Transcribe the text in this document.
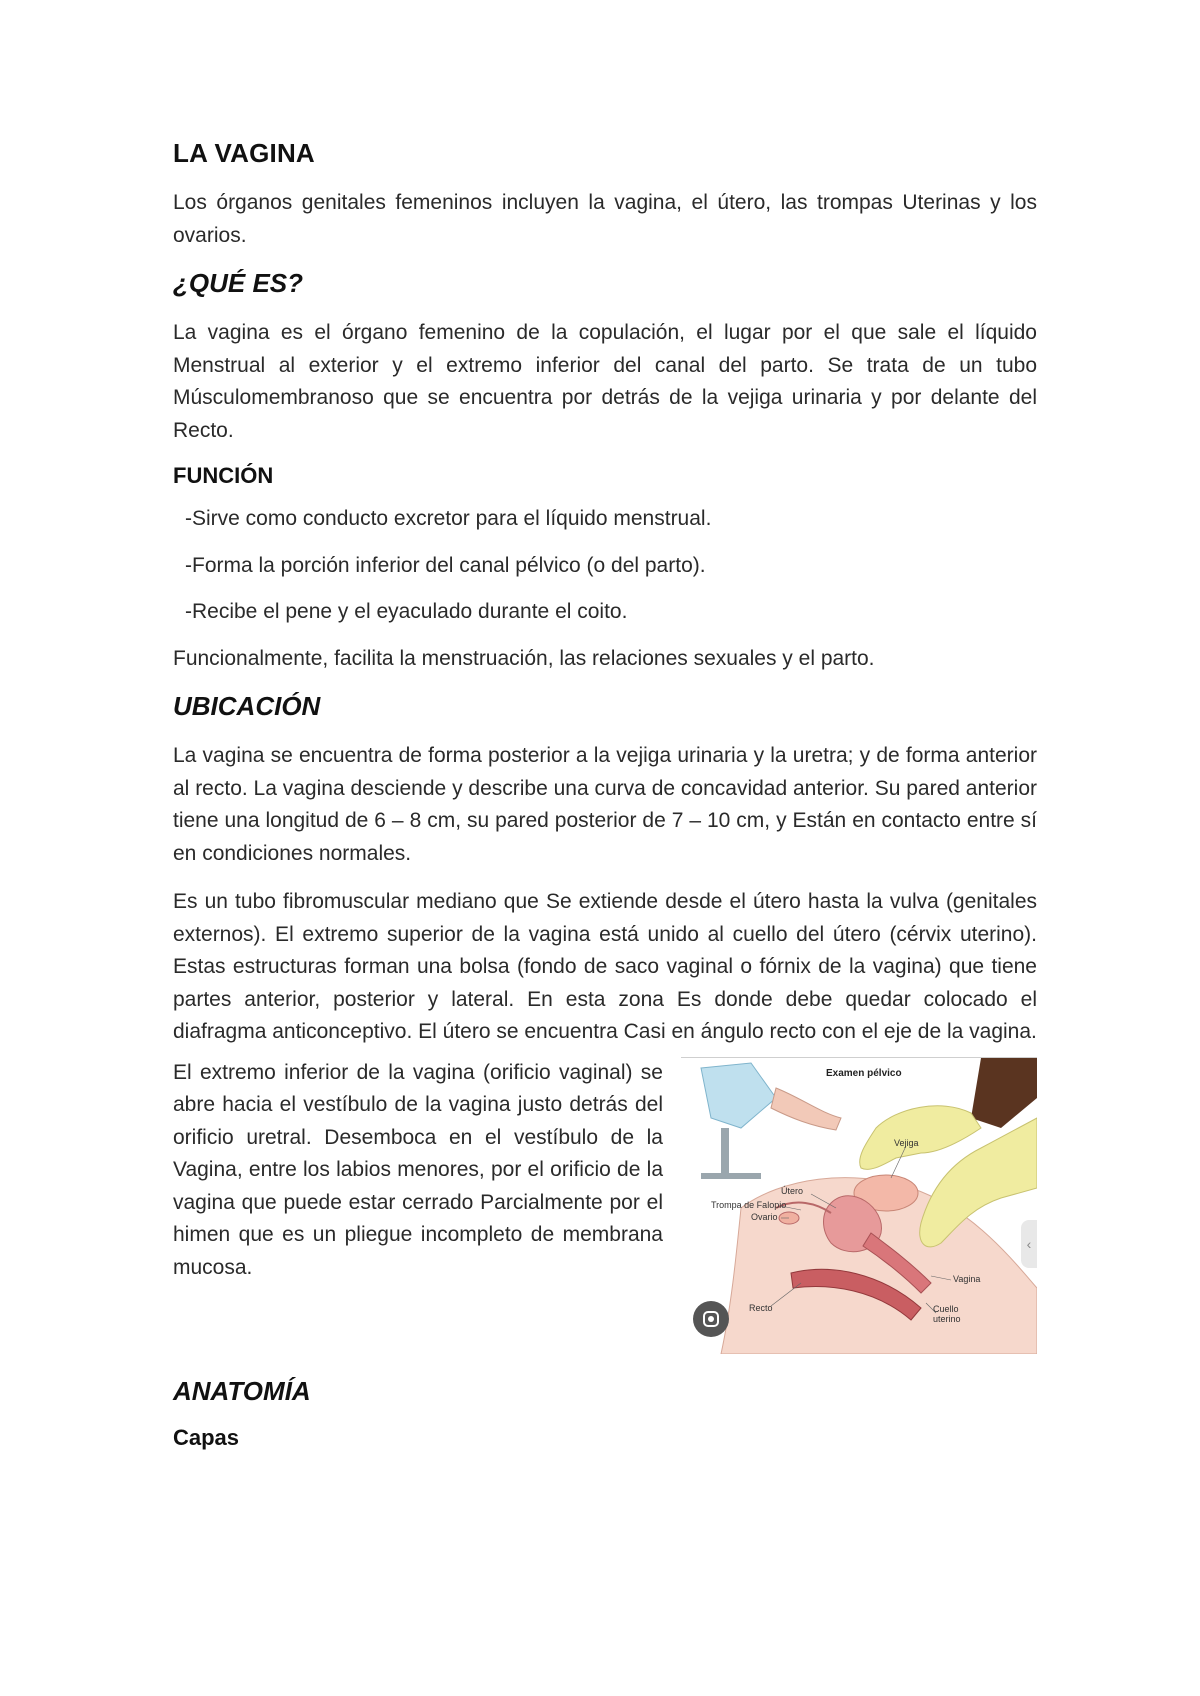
LA VAGINA

Los órganos genitales femeninos incluyen la vagina, el útero, las trompas Uterinas y los ovarios.

¿QUÉ ES?

La vagina es el órgano femenino de la copulación, el lugar por el que sale el líquido Menstrual al exterior y el extremo inferior del canal del parto. Se trata de un tubo Músculomembranoso que se encuentra por detrás de la vejiga urinaria y por delante del Recto.

FUNCIÓN

-Sirve como conducto excretor para el líquido menstrual.

-Forma la porción inferior del canal pélvico (o del parto).

-Recibe el pene y el eyaculado durante el coito.

Funcionalmente, facilita la menstruación, las relaciones sexuales y el parto.

UBICACIÓN

La vagina se encuentra de forma posterior a la vejiga urinaria y la uretra; y de forma anterior al recto. La vagina desciende y describe una curva de concavidad anterior. Su pared anterior tiene una longitud de 6 – 8 cm, su pared posterior de 7 – 10 cm, y Están en contacto entre sí en condiciones normales.

Es un tubo fibromuscular mediano que Se extiende desde el útero hasta la vulva (genitales externos). El extremo superior de la vagina está unido al cuello del útero (cérvix uterino). Estas estructuras forman una bolsa (fondo de saco vaginal o fórnix de la vagina) que tiene partes anterior, posterior y lateral. En esta zona Es donde debe quedar colocado el diafragma anticonceptivo. El útero se encuentra Casi en ángulo recto con el eje de la vagina.

El extremo inferior de la vagina (orificio vaginal) se abre hacia el vestíbulo de la vagina justo detrás del orificio uretral. Desemboca en el vestíbulo de la Vagina, entre los labios menores, por el orificio de la vagina que puede estar cerrado Parcialmente por el himen que es un pliegue incompleto de membrana mucosa.

Examen pélvico
Vejiga
Útero
Trompa de Falopio
Ovario
Vagina
Recto	Cuello uterino
‹
ANATOMÍA
Capas
